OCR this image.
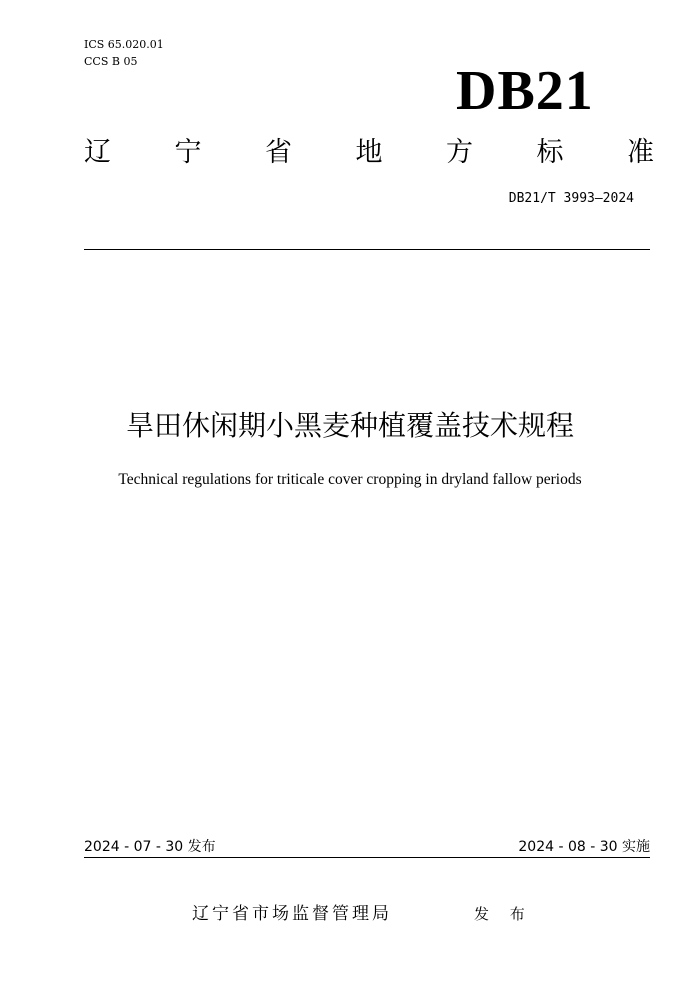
ICS 65.020.01
CCS B 05	DB21
辽 宁 省 地 方 标 准
DB21/T 3993—2024
旱田休闲期小黑麦种植覆盖技术规程
Technical regulations for triticale cover cropping in dryland fallow periods
2024 - 07 - 30 发布	2024 - 08 - 30 实施
辽宁省市场监督管理局	发 布
